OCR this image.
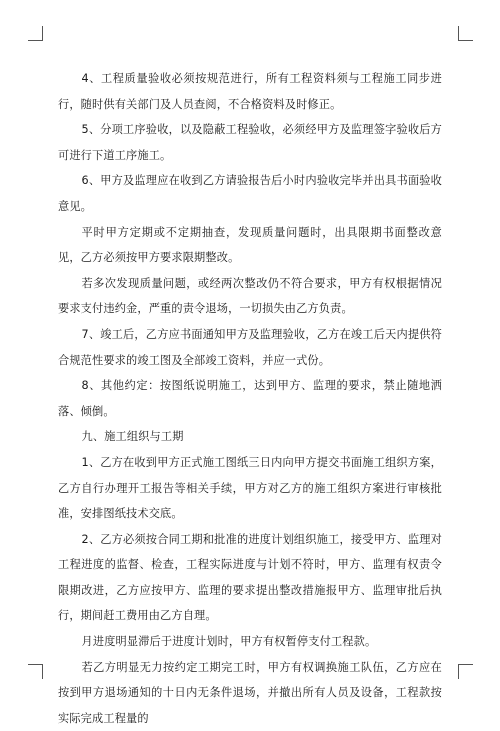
4、工程质量验收必须按规范进行，所有工程资料须与工程施工同步进行，随时供有关部门及人员查阅，不合格资料及时修正。

5、分项工序验收，以及隐蔽工程验收，必须经甲方及监理签字验收后方可进行下道工序施工。

6、甲方及监理应在收到乙方请验报告后小时内验收完毕并出具书面验收意见。

平时甲方定期或不定期抽查，发现质量问题时，出具限期书面整改意见，乙方必须按甲方要求限期整改。

若多次发现质量问题，或经两次整改仍不符合要求，甲方有权根据情况要求支付违约金，严重的责令退场，一切损失由乙方负责。

7、竣工后，乙方应书面通知甲方及监理验收，乙方在竣工后天内提供符合规范性要求的竣工图及全部竣工资料，并应一式份。

8、其他约定：按图纸说明施工，达到甲方、监理的要求，禁止随地洒落、倾倒。

九、施工组织与工期

1、乙方在收到甲方正式施工图纸三日内向甲方提交书面施工组织方案，乙方自行办理开工报告等相关手续，甲方对乙方的施工组织方案进行审核批准，安排图纸技术交底。

2、乙方必须按合同工期和批准的进度计划组织施工，接受甲方、监理对工程进度的监督、检查，工程实际进度与计划不符时，甲方、监理有权责令限期改进，乙方应按甲方、监理的要求提出整改措施报甲方、监理审批后执行，期间赶工费用由乙方自理。

月进度明显滞后于进度计划时，甲方有权暂停支付工程款。

若乙方明显无力按约定工期完工时，甲方有权调换施工队伍，乙方应在按到甲方退场通知的十日内无条件退场，并撤出所有人员及设备，工程款按实际完成工程量的
